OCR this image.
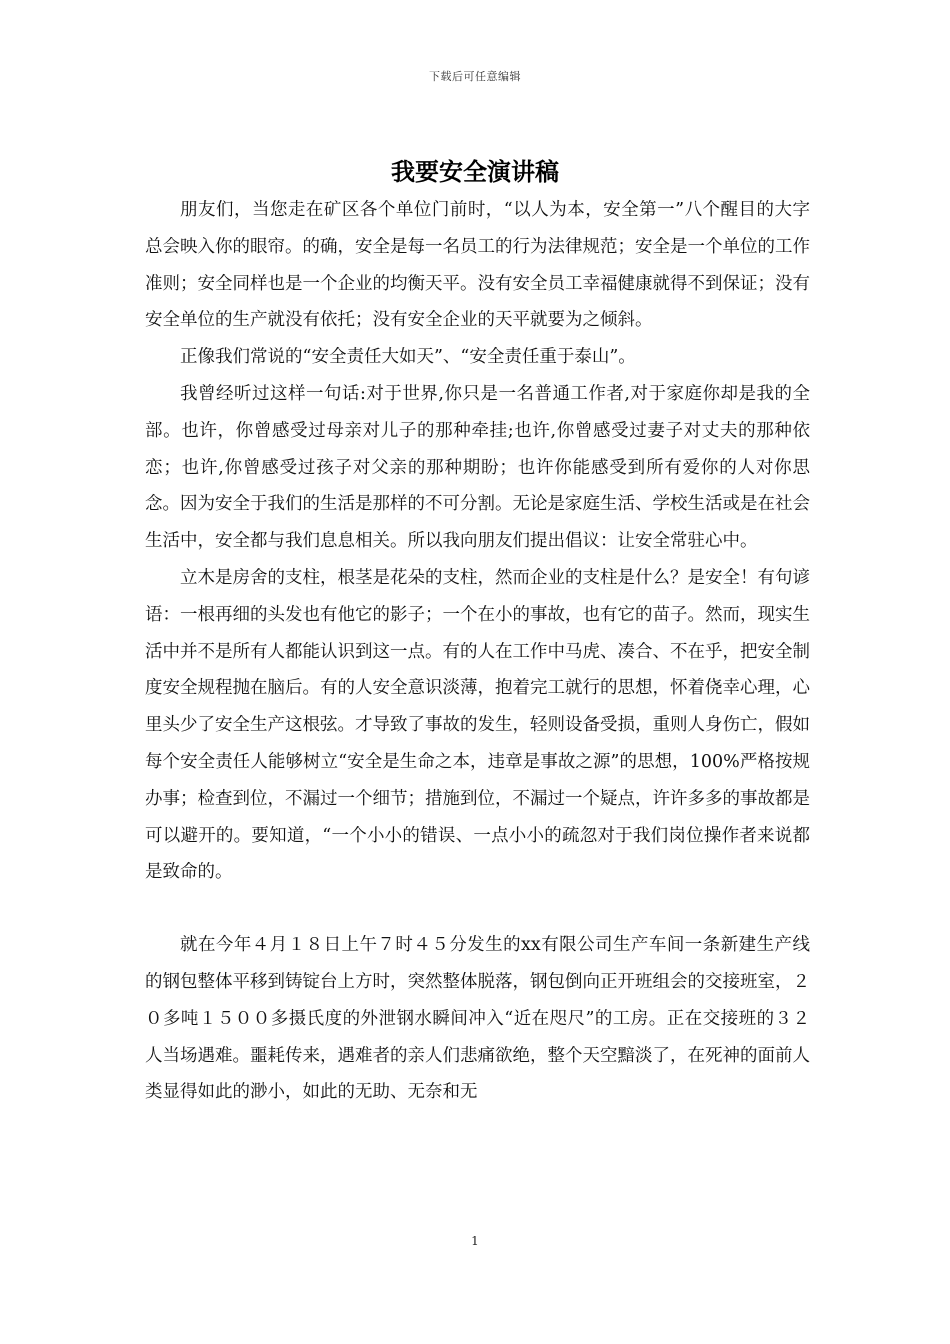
下载后可任意编辑
我要安全演讲稿

朋友们，当您走在矿区各个单位门前时，“以人为本，安全第一”八个醒目的大字总会映入你的眼帘。的确，安全是每一名员工的行为法律规范；安全是一个单位的工作准则；安全同样也是一个企业的均衡天平。没有安全员工幸福健康就得不到保证；没有安全单位的生产就没有依托；没有安全企业的天平就要为之倾斜。

正像我们常说的“安全责任大如天”、“安全责任重于泰山”。

我曾经听过这样一句话:对于世界,你只是一名普通工作者,对于家庭你却是我的全部。也许，你曾感受过母亲对儿子的那种牵挂;也许,你曾感受过妻子对丈夫的那种依恋；也许,你曾感受过孩子对父亲的那种期盼；也许你能感受到所有爱你的人对你思念。因为安全于我们的生活是那样的不可分割。无论是家庭生活、学校生活或是在社会生活中，安全都与我们息息相关。所以我向朋友们提出倡议：让安全常驻心中。

立木是房舍的支柱，根茎是花朵的支柱，然而企业的支柱是什么？是安全！有句谚语：一根再细的头发也有他它的影子；一个在小的事故，也有它的苗子。然而，现实生活中并不是所有人都能认识到这一点。有的人在工作中马虎、凑合、不在乎，把安全制度安全规程抛在脑后。有的人安全意识淡薄，抱着完工就行的思想，怀着侥幸心理，心里头少了安全生产这根弦。才导致了事故的发生，轻则设备受损，重则人身伤亡，假如每个安全责任人能够树立“安全是生命之本，违章是事故之源”的思想，100%严格按规办事；检查到位，不漏过一个细节；措施到位，不漏过一个疑点，许许多多的事故都是可以避开的。要知道，“一个小小的错误、一点小小的疏忽对于我们岗位操作者来说都是致命的。

就在今年４月１８日上午７时４５分发生的xx有限公司生产车间一条新建生产线的钢包整体平移到铸锭台上方时，突然整体脱落，钢包倒向正开班组会的交接班室，２０多吨１５００多摄氏度的外泄钢水瞬间冲入“近在咫尺”的工房。正在交接班的３２人当场遇难。噩耗传来，遇难者的亲人们悲痛欲绝，整个天空黯淡了，在死神的面前人类显得如此的渺小，如此的无助、无奈和无

1
